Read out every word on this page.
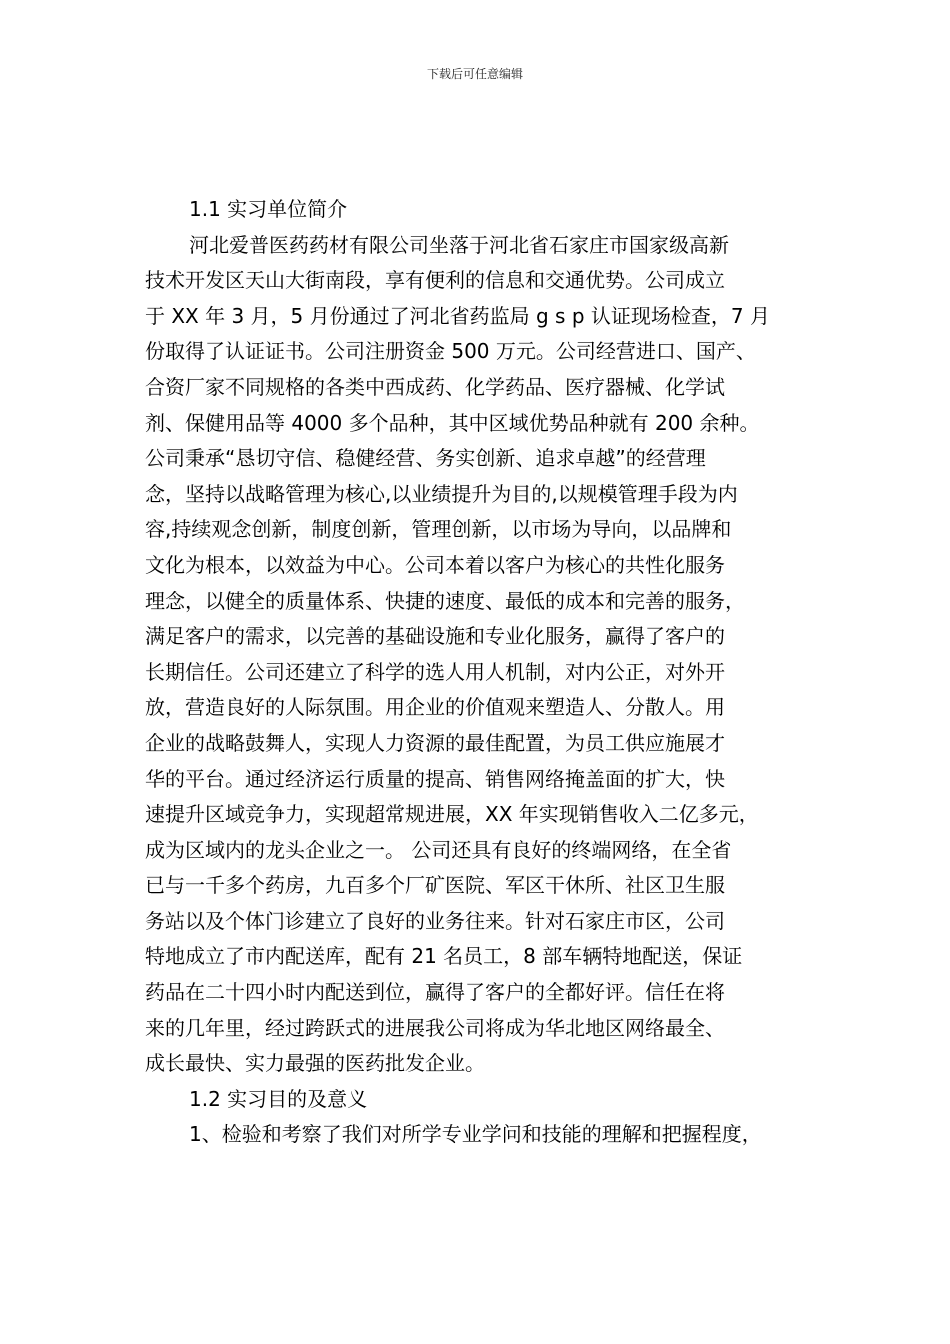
下载后可任意编辑
1.1 实习单位简介
河北爱普医药药材有限公司坐落于河北省石家庄市国家级高新
技术开发区天山大街南段，享有便利的信息和交通优势。公司成立
于 XX 年 3 月，5 月份通过了河北省药监局 g s p 认证现场检查，7 月
份取得了认证证书。公司注册资金 500 万元。公司经营进口、国产、
合资厂家不同规格的各类中西成药、化学药品、医疗器械、化学试
剂、保健用品等 4000 多个品种，其中区域优势品种就有 200 余种。
公司秉承“恳切守信、稳健经营、务实创新、追求卓越”的经营理
念，坚持以战略管理为核心,以业绩提升为目的,以规模管理手段为内
容,持续观念创新，制度创新，管理创新，以市场为导向，以品牌和
文化为根本，以效益为中心。公司本着以客户为核心的共性化服务
理念，以健全的质量体系、快捷的速度、最低的成本和完善的服务，
满足客户的需求，以完善的基础设施和专业化服务，赢得了客户的
长期信任。公司还建立了科学的选人用人机制，对内公正，对外开
放，营造良好的人际氛围。用企业的价值观来塑造人、分散人。用
企业的战略鼓舞人，实现人力资源的最佳配置，为员工供应施展才
华的平台。通过经济运行质量的提高、销售网络掩盖面的扩大，快
速提升区域竞争力，实现超常规进展，XX 年实现销售收入二亿多元，
成为区域内的龙头企业之一。 公司还具有良好的终端网络，在全省
已与一千多个药房，九百多个厂矿医院、军区干休所、社区卫生服
务站以及个体门诊建立了良好的业务往来。针对石家庄市区，公司
特地成立了市内配送库，配有 21 名员工，8 部车辆特地配送，保证
药品在二十四小时内配送到位，赢得了客户的全都好评。信任在将
来的几年里，经过跨跃式的进展我公司将成为华北地区网络最全、
成长最快、实力最强的医药批发企业。
1.2 实习目的及意义
1、检验和考察了我们对所学专业学问和技能的理解和把握程度，
